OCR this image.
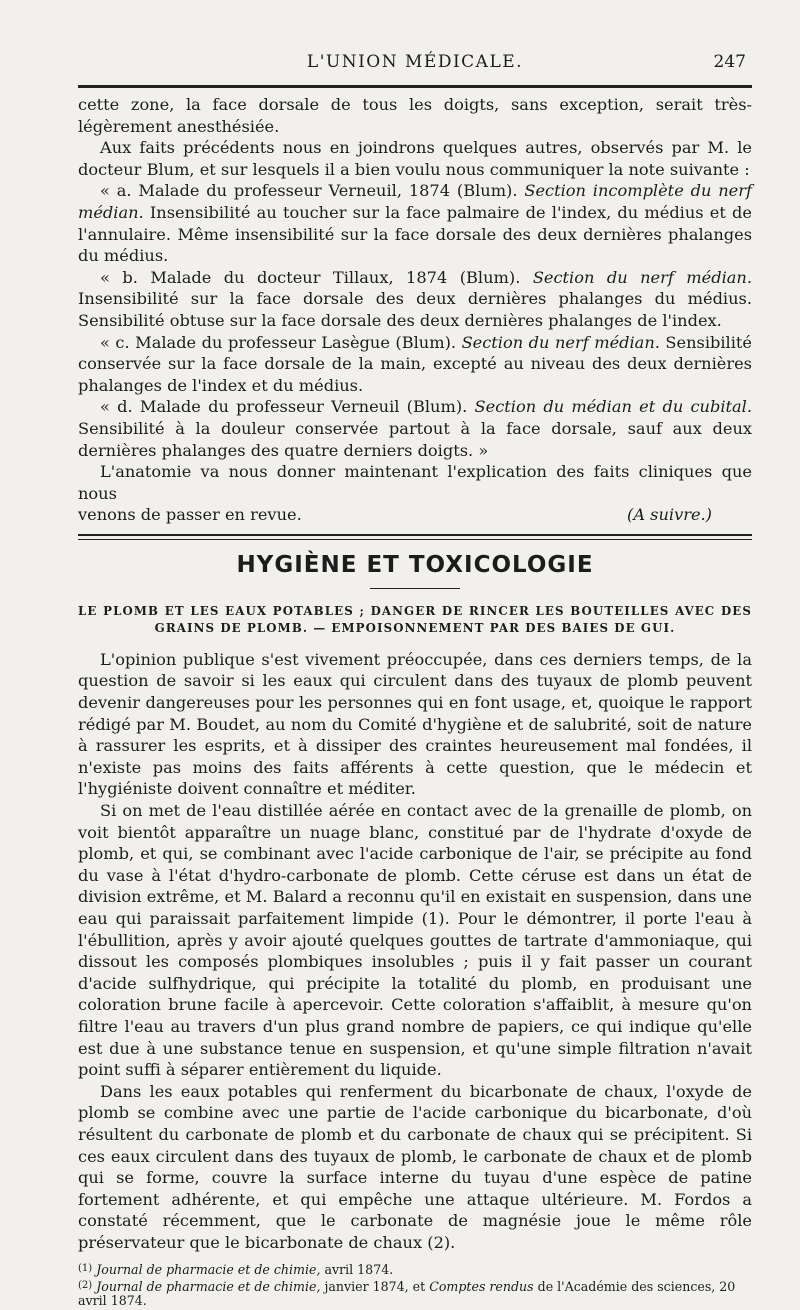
L'UNION MÉDICALE.	247

cette zone, la face dorsale de tous les doigts, sans exception, serait très-légèrement anesthésiée.

Aux faits précédents nous en joindrons quelques autres, observés par M. le docteur Blum, et sur lesquels il a bien voulu nous communiquer la note suivante :

« a. Malade du professeur Verneuil, 1874 (Blum). Section incomplète du nerf médian. Insensibilité au toucher sur la face palmaire de l'index, du médius et de l'annulaire. Même insensibilité sur la face dorsale des deux dernières phalanges du médius.

« b. Malade du docteur Tillaux, 1874 (Blum). Section du nerf médian. Insensibilité sur la face dorsale des deux dernières phalanges du médius. Sensibilité obtuse sur la face dorsale des deux dernières phalanges de l'index.

« c. Malade du professeur Lasègue (Blum). Section du nerf médian. Sensibilité conservée sur la face dorsale de la main, excepté au niveau des deux dernières phalanges de l'index et du médius.

« d. Malade du professeur Verneuil (Blum). Section du médian et du cubital. Sensibilité à la douleur conservée partout à la face dorsale, sauf aux deux dernières phalanges des quatre derniers doigts. »

L'anatomie va nous donner maintenant l'explication des faits cliniques que nous

venons de passer en revue.	(A suivre.)
HYGIÈNE ET TOXICOLOGIE
LE PLOMB ET LES EAUX POTABLES ; DANGER DE RINCER LES BOUTEILLES AVEC DES GRAINS DE PLOMB. — EMPOISONNEMENT PAR DES BAIES DE GUI.

L'opinion publique s'est vivement préoccupée, dans ces derniers temps, de la question de savoir si les eaux qui circulent dans des tuyaux de plomb peuvent devenir dangereuses pour les personnes qui en font usage, et, quoique le rapport rédigé par M. Boudet, au nom du Comité d'hygiène et de salubrité, soit de nature à rassurer les esprits, et à dissiper des craintes heureusement mal fondées, il n'existe pas moins des faits afférents à cette question, que le médecin et l'hygiéniste doivent connaître et méditer.

Si on met de l'eau distillée aérée en contact avec de la grenaille de plomb, on voit bientôt apparaître un nuage blanc, constitué par de l'hydrate d'oxyde de plomb, et qui, se combinant avec l'acide carbonique de l'air, se précipite au fond du vase à l'état d'hydro-carbonate de plomb. Cette céruse est dans un état de division extrême, et M. Balard a reconnu qu'il en existait en suspension, dans une eau qui paraissait parfaitement limpide (1). Pour le démontrer, il porte l'eau à l'ébullition, après y avoir ajouté quelques gouttes de tartrate d'ammoniaque, qui dissout les composés plombiques insolubles ; puis il y fait passer un courant d'acide sulfhydrique, qui précipite la totalité du plomb, en produisant une coloration brune facile à apercevoir. Cette coloration s'affaiblit, à mesure qu'on filtre l'eau au travers d'un plus grand nombre de papiers, ce qui indique qu'elle est due à une substance tenue en suspension, et qu'une simple filtration n'avait point suffi à séparer entièrement du liquide.

Dans les eaux potables qui renferment du bicarbonate de chaux, l'oxyde de plomb se combine avec une partie de l'acide carbonique du bicarbonate, d'où résultent du carbonate de plomb et du carbonate de chaux qui se précipitent. Si ces eaux circulent dans des tuyaux de plomb, le carbonate de chaux et de plomb qui se forme, couvre la surface interne du tuyau d'une espèce de patine fortement adhérente, et qui empêche une attaque ultérieure. M. Fordos a constaté récemment, que le carbonate de magnésie joue le même rôle préservateur que le bicarbonate de chaux (2).

$^{(1)}$ Journal de pharmacie et de chimie, avril 1874.

$^{(2)}$ Journal de pharmacie et de chimie, janvier 1874, et Comptes rendus de l'Académie des sciences, 20 avril 1874.
